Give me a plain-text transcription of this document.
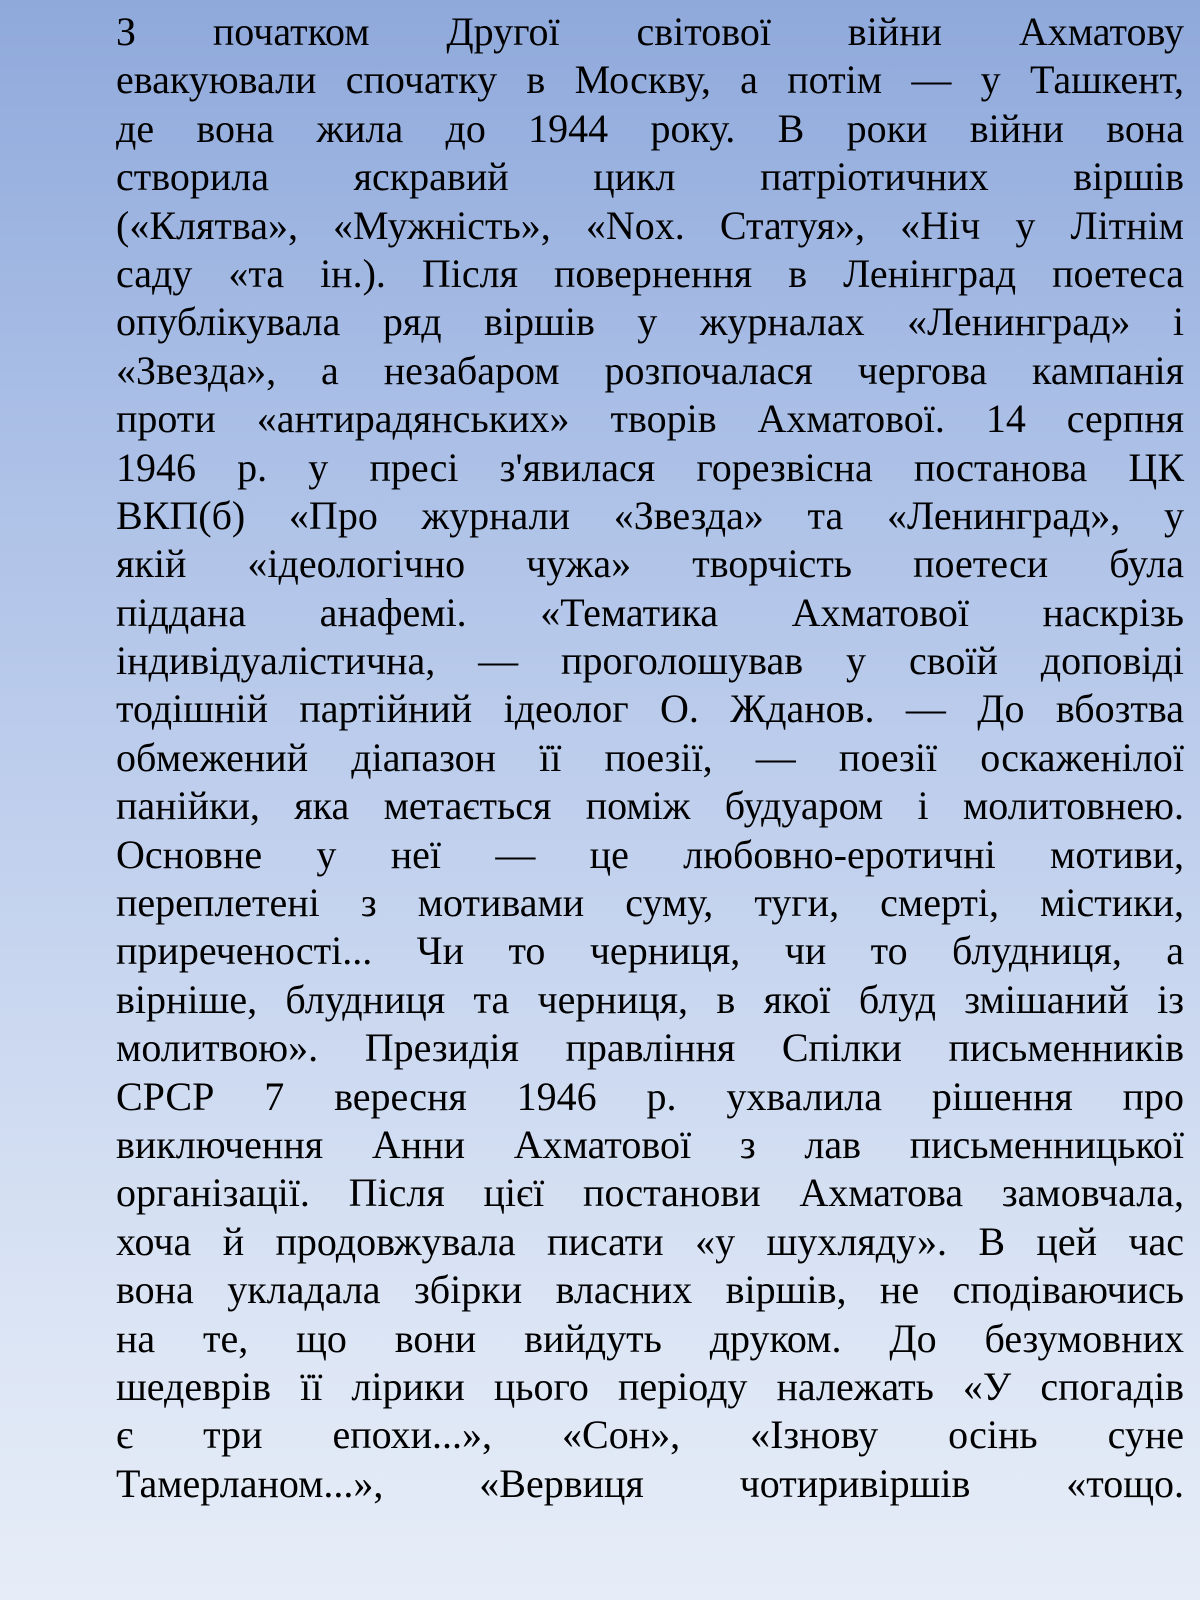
З початком Другої світової війни Ахматову
евакуювали спочатку в Москву, а потім — у Ташкент,
де вона жила до 1944 року. В роки війни вона
створила яскравий цикл патріотичних віршів
(«Клятва», «Мужність», «Nox. Статуя», «Ніч у Літнім
саду «та ін.). Після повернення в Ленінград поетеса
опублікувала ряд віршів у журналах «Ленинград» і
«Звезда», а незабаром розпочалася чергова кампанія
проти «антирадянських» творів Ахматової. 14 серпня
1946 р. у пресі з'явилася горезвісна постанова ЦК
ВКП(б) «Про журнали «Звезда» та «Ленинград», у
якій «ідеологічно чужа» творчість поетеси була
піддана анафемі. «Тематика Ахматової наскрізь
індивідуалістична, — проголошував у своїй доповіді
тодішній партійний ідеолог О. Жданов. — До вбозтва
обмежений діапазон її поезії, — поезії оскаженілої
панійки, яка метається поміж будуаром і молитовнею.
Основне у неї — це любовно-еротичні мотиви,
переплетені з мотивами суму, туги, смерті, містики,
приреченості... Чи то черниця, чи то блудниця, а
вірніше, блудниця та черниця, в якої блуд змішаний із
молитвою». Президія правління Спілки письменників
СРСР 7 вересня 1946 р. ухвалила рішення про
виключення Анни Ахматової з лав письменницької
організації. Після цієї постанови Ахматова замовчала,
хоча й продовжувала писати «у шухляду». В цей час
вона укладала збірки власних віршів, не сподіваючись
на те, що вони вийдуть друком. До безумовних
шедеврів її лірики цього періоду належать «У спогадів
є три епохи...», «Сон», «Ізнову осінь суне
Тамерланом...», «Вервиця чотиривіршів «тощо.
